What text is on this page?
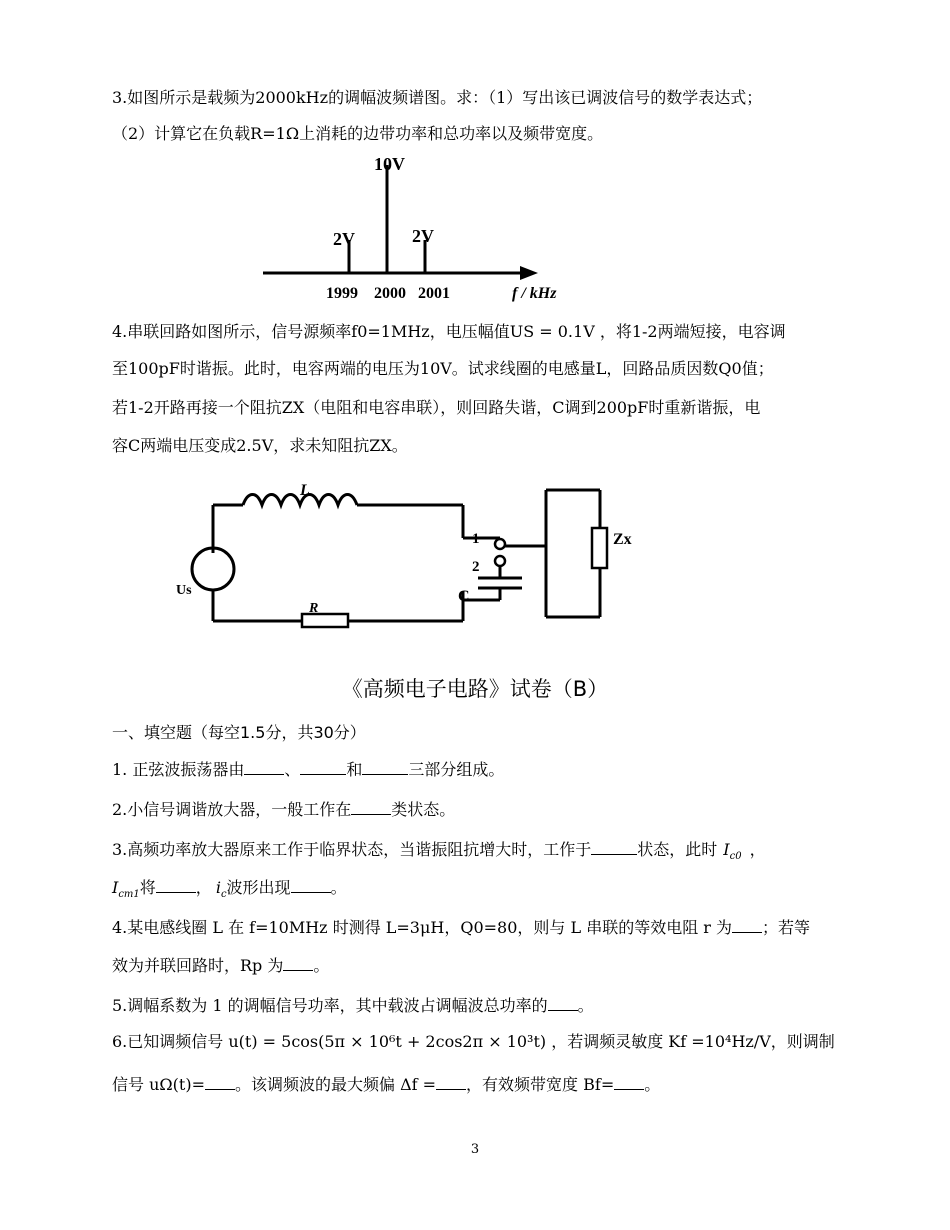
3.如图所示是载频为2000kHz的调幅波频谱图。求：（1）写出该已调波信号的数学表达式；
（2）计算它在负载R=1Ω上消耗的边带功率和总功率以及频带宽度。
10V
2V	2V
1999 2000 2001	f / kHz
4.串联回路如图所示，信号源频率f0=1MHz，电压幅值US = 0.1V ，将1-2两端短接，电容调
至100pF时谐振。此时，电容两端的电压为10V。试求线圈的电感量L，回路品质因数Q0值；
若1-2开路再接一个阻抗ZX（电阻和电容串联），则回路失谐，C调到200pF时重新谐振，电
容C两端电压变成2.5V，求未知阻抗ZX。
L
R
Us
1
2
C
Zx
《高频电子电路》试卷（B）
一、填空题（每空1.5分，共30分）
1. 正弦波振荡器由	、	和	三部分组成。
2.小信号调谐放大器，一般工作在	类状态。
3.高频功率放大器原来工作于临界状态，当谐振阻抗增大时，工作于	状态，此时 $I_{c0}$ ，
$I_{cm1}$将	， $i_c$波形出现	。
4.某电感线圈 L 在 f=10MHz 时测得 L=3μH，Q0=80，则与 L 串联的等效电阻 r 为 ；若等
效为并联回路时，Rp 为 。
5.调幅系数为 1 的调幅信号功率，其中载波占调幅波总功率的 。
6.已知调频信号 u(t) = 5cos(5π × 10⁶t + 2cos2π × 10³t) ，若调频灵敏度 Kf =10⁴Hz/V，则调制
信号 uΩ(t)= 。该调频波的最大频偏 Δf = ，有效频带宽度 Bf= 。
3
